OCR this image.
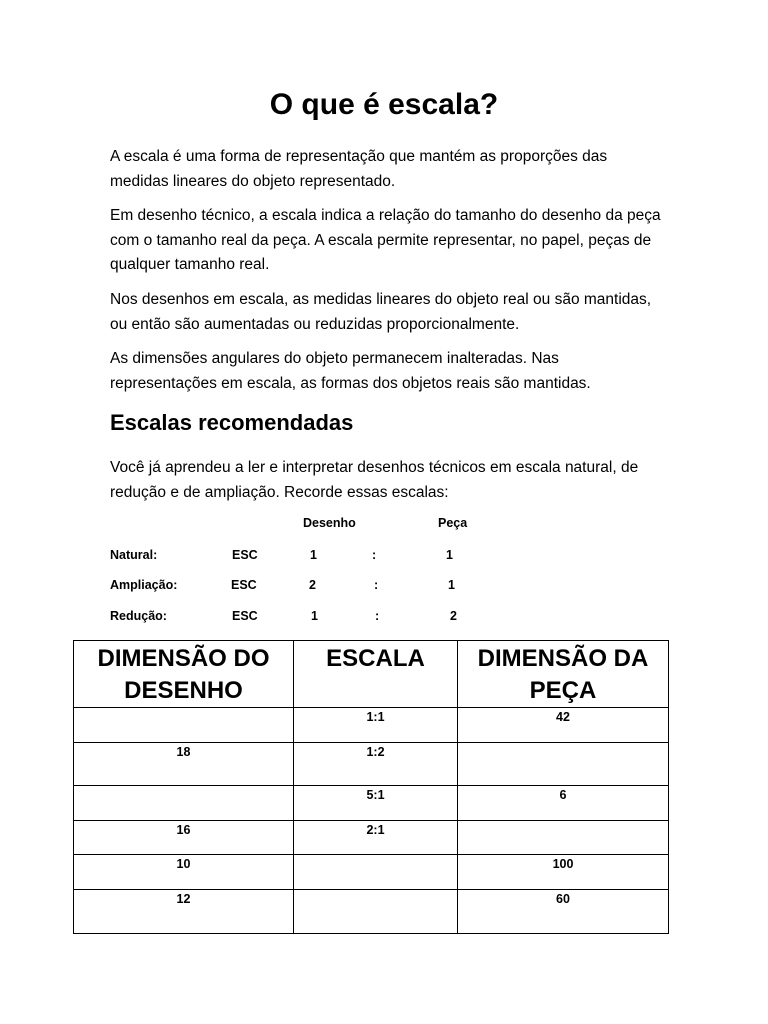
O que é escala?

A escala é uma forma de representação que mantém as proporções das medidas lineares do objeto representado.

Em desenho técnico, a escala indica a relação do tamanho do desenho da peça com o tamanho real da peça. A escala permite representar, no papel, peças de qualquer tamanho real.

Nos desenhos em escala, as medidas lineares do objeto real ou são mantidas, ou então são aumentadas ou reduzidas proporcionalmente.

As dimensões angulares do objeto permanecem inalteradas. Nas representações em escala, as formas dos objetos reais são mantidas.

Escalas recomendadas

Você já aprendeu a ler e interpretar desenhos técnicos em escala natural, de redução e de ampliação. Recorde essas escalas:

Desenho	Peça
Natural:	ESC	1	:	1
Ampliação:	ESC	2	:	1
Redução:	ESC	1	:	2
DIMENSÃO DO DESENHO	ESCALA	DIMENSÃO DA PEÇA
	1:1	42
18	1:2	
	5:1	6
16	2:1	
10		100
12		60
